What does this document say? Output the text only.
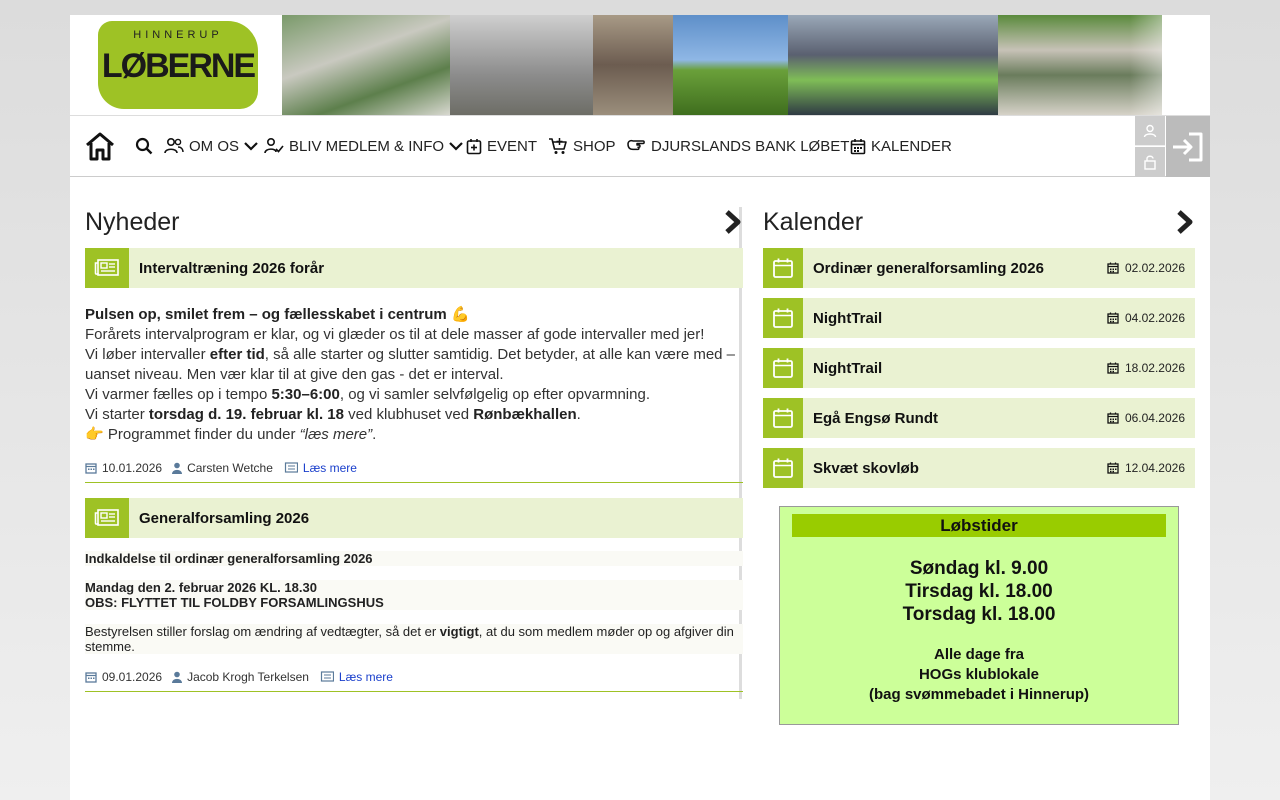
HINNERUP
LØBERNE
OM OS	BLIV MEDLEM & INFO	EVENT SHOP DJURSLANDS BANK LØBET KALENDER
Nyheder
Intervaltræning 2026 forår
Pulsen op, smilet frem – og fællesskabet i centrum 💪
Forårets intervalprogram er klar, og vi glæder os til at dele masser af gode intervaller med jer!
Vi løber intervaller efter tid, så alle starter og slutter samtidig. Det betyder, at alle kan være med – uanset niveau. Men vær klar til at give den gas - det er interval.
Vi varmer fælles op i tempo 5:30–6:00, og vi samler selvfølgelig op efter opvarmning.
Vi starter torsdag d. 19. februar kl. 18 ved klubhuset ved Rønbækhallen.
👉 Programmet finder du under “læs mere”.
10.01.2026 Carsten Wetche	Læs mere
Generalforsamling 2026

Indkaldelse til ordinær generalforsamling 2026

Mandag den 2. februar 2026 KL. 18.30
OBS: FLYTTET TIL FOLDBY FORSAMLINGSHUS

Bestyrelsen stiller forslag om ændring af vedtægter, så det er vigtigt, at du som medlem møder op og afgiver din stemme.

09.01.2026 Jacob Krogh Terkelsen	Læs mere
Kalender
Ordinær generalforsamling 2026	02.02.2026
NightTrail	04.02.2026
NightTrail	18.02.2026
Egå Engsø Rundt	06.04.2026
Skvæt skovløb	12.04.2026
Løbstider
Søndag kl. 9.00
Tirsdag kl. 18.00
Torsdag kl. 18.00
Alle dage fra
HOGs klublokale
(bag svømmebadet i Hinnerup)
